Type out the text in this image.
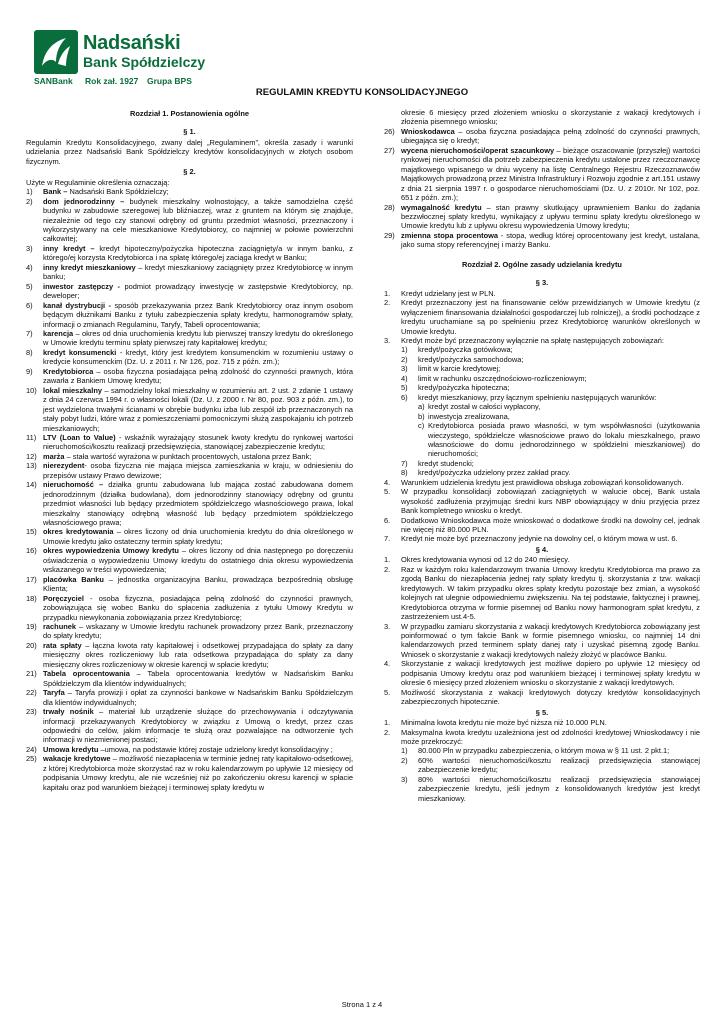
Nadsański
Bank Spółdzielczy
SANBank Rok zał. 1927 Grupa BPS
REGULAMIN KREDYTU KONSOLIDACYJNEGO
Rozdział 1. Postanowienia ogólne
§ 1.

Regulamin Kredytu Konsolidacyjnego, zwany dalej „Regulaminem”, określa zasady i warunki udzielania przez Nadsański Bank Spółdzielczy kredytów konsolidacyjnych w złotych osobom fizycznym.

§ 2.

Użyte w Regulaminie określenia oznaczają:

1)	Bank – Nadsański Bank Spółdzielczy;
2)	dom jednorodzinny – budynek mieszkalny wolnostojący, a także samodzielna część budynku w zabudowie szeregowej lub bliźniaczej, wraz z gruntem na którym się znajduje, niezależnie od tego czy stanowi odrębny od gruntu przedmiot własności, przeznaczony i wykorzystywany na cele mieszkaniowe Kredytobiorcy, co najmniej w połowie powierzchni całkowitej;
3)	inny kredyt – kredyt hipoteczny/pożyczka hipoteczna zaciągnięty/a w innym banku, z którego/ej korzysta Kredytobiorca i na spłatę którego/ej zaciąga kredyt w Banku;
4)	inny kredyt mieszkaniowy – kredyt mieszkaniowy zaciągnięty przez Kredytobiorcę w innym banku;
5)	inwestor zastępczy - podmiot prowadzący inwestycję w zastępstwie Kredytobiorcy, np. deweloper;
6)	kanał dystrybucji - sposób przekazywania przez Bank Kredytobiorcy oraz innym osobom będącym dłużnikami Banku z tytułu zabezpieczenia spłaty kredytu, harmonogramów spłaty, informacji o zmianach Regulaminu, Taryfy, Tabeli oprocentowania;
7)	karencja – okres od dnia uruchomienia kredytu lub pierwszej transzy kredytu do określonego w Umowie kredytu terminu spłaty pierwszej raty kapitałowej kredytu;
8)	kredyt konsumencki - kredyt, który jest kredytem konsumenckim w rozumieniu ustawy o kredycie konsumenckim (Dz. U. z 2011 r. Nr 126, poz. 715 z późn. zm.);
9)	Kredytobiorca – osoba fizyczna posiadająca pełną zdolność do czynności prawnych, która zawarła z Bankiem Umowę kredytu;
10) lokal mieszkalny – samodzielny lokal mieszkalny w rozumieniu art. 2 ust. 2 zdanie 1 ustawy z dnia 24 czerwca 1994 r. o własności lokali (Dz. U. z 2000 r. Nr 80, poz. 903 z późn. zm.), to jest wydzielona trwałymi ścianami w obrębie budynku izba lub zespół izb przeznaczonych na stały pobyt ludzi, które wraz z pomieszczeniami pomocniczymi służą zaspokajaniu ich potrzeb mieszkaniowych;
11) LTV (Loan to Value) - wskaźnik wyrażający stosunek kwoty kredytu do rynkowej wartości nieruchomości/kosztu realizacji przedsięwzięcia, stanowiącej zabezpieczenie kredytu;
12) marża – stała wartość wyrażona w punktach procentowych, ustalona przez Bank;
13) nierezydent- osoba fizyczna nie mająca miejsca zamieszkania w kraju, w odniesieniu do przepisów ustawy Prawo dewizowe;
14) nieruchomość – działka gruntu zabudowana lub mająca zostać zabudowana domem jednorodzinnym (działka budowlana), dom jednorodzinny stanowiący odrębny od gruntu przedmiot własności lub będący przedmiotem spółdzielczego własnościowego prawa, lokal mieszkalny stanowiący odrębną własność lub będący przedmiotem spółdzielczego własnościowego prawa;
15) okres kredytowania – okres liczony od dnia uruchomienia kredytu do dnia określonego w Umowie kredytu jako ostateczny termin spłaty kredytu;
16) okres wypowiedzenia Umowy kredytu – okres liczony od dnia następnego po doręczeniu oświadczenia o wypowiedzeniu Umowy kredytu do ostatniego dnia okresu wypowiedzenia wskazanego w treści wypowiedzenia;
17) placówka Banku – jednostka organizacyjna Banku, prowadząca bezpośrednią obsługę Klienta;
18) Poręczyciel - osoba fizyczna, posiadająca pełną zdolność do czynności prawnych, zobowiązująca się wobec Banku do spłacenia zadłużenia z tytułu Umowy Kredytu w przypadku niewykonania zobowiązania przez Kredytobiorcę;
19) rachunek – wskazany w Umowie kredytu rachunek prowadzony przez Bank, przeznaczony do spłaty kredytu;
20) rata spłaty – łączna kwota raty kapitałowej i odsetkowej przypadająca do spłaty za dany miesięczny okres rozliczeniowy lub rata odsetkowa przypadająca do spłaty za dany miesięczny okres rozliczeniowy w okresie karencji w spłacie kredytu;
21) Tabela oprocentowania – Tabela oprocentowania kredytów w Nadsańskim Banku Spółdzielczym dla klientów indywidualnych;
22) Taryfa – Taryfa prowizji i opłat za czynności bankowe w Nadsańskim Banku Spółdzielczym dla klientów indywidualnych;
23) trwały nośnik – materiał lub urządzenie służące do przechowywania i odczytywania informacji przekazywanych Kredytobiorcy w związku z Umową o kredyt, przez czas odpowiedni do celów, jakim informacje te służą oraz pozwalające na odtworzenie tych informacji w niezmienionej postaci;
24) Umowa kredytu –umowa, na podstawie której zostaje udzielony kredyt konsolidacyjny ;
25) wakacje kredytowe – możliwość niezapłacenia w terminie jednej raty kapitałowo-odsetkowej, z której Kredytobiorca może skorzystać raz w roku kalendarzowym po upływie 12 miesięcy od podpisania Umowy kredytu, ale nie wcześniej niż po zakończeniu okresu karencji w spłacie kapitału oraz pod warunkiem bieżącej i terminowej spłaty kredytu w
okresie 6 miesięcy przed złożeniem wniosku o skorzystanie z wakacji kredytowych i złożenia pisemnego wniosku;
26) Wnioskodawca – osoba fizyczna posiadająca pełną zdolność do czynności prawnych, ubiegająca się o kredyt;
27) wycena nieruchomości/operat szacunkowy – bieżące oszacowanie (przyszłej) wartości rynkowej nieruchomości dla potrzeb zabezpieczenia kredytu ustalone przez rzeczoznawcę majątkowego wpisanego w dniu wyceny na listę Centralnego Rejestru Rzeczoznawców Majątkowych prowadzoną przez Ministra Infrastruktury i Rozwoju zgodnie z art.151 ustawy z dnia 21 sierpnia 1997 r. o gospodarce nieruchomościami (Dz. U. z 2010r. Nr 102, poz. 651 z późn. zm.);
28) wymagalność kredytu – stan prawny skutkujący uprawnieniem Banku do żądania bezzwłocznej spłaty kredytu, wynikający z upływu terminu spłaty kredytu określonego w Umowie kredytu lub z upływu okresu wypowiedzenia Umowy kredytu;
29) zmienna stopa procentowa - stopa, według której oprocentowany jest kredyt, ustalana, jako suma stopy referencyjnej i marży Banku.
Rozdział 2. Ogólne zasady udzielania kredytu
§ 3.
1.	Kredyt udzielany jest w PLN.
2.	Kredyt przeznaczony jest na finansowanie celów przewidzianych w Umowie kredytu (z wyłączeniem finansowania działalności gospodarczej lub rolniczej), a środki pochodzące z kredytu uruchamiane są po spełnieniu przez Kredytobiorcę warunków określonych w Umowie kredytu.
3.	Kredyt może być przeznaczony wyłącznie na spłatę następujących zobowiązań:
1)	kredyt/pożyczka gotówkowa;
2)	kredyt/pożyczka samochodowa;
3)	limit w karcie kredytowej;
4)	limit w rachunku oszczędnościowo-rozliczeniowym;
5)	kredy/pożyczka hipoteczna;
6)	kredyt mieszkaniowy, przy łącznym spełnieniu następujących warunków:
a) kredyt został w całości wypłacony,
b) inwestycja zrealizowana,
c) Kredytobiorca posiada prawo własności, w tym współwłasności (użytkowania wieczystego, spółdzielcze własnościowe prawo do lokalu mieszkalnego, prawo własnościowe do domu jednorodzinnego w spółdzielni mieszkaniowej) do nieruchomości;
7)	kredyt studencki;
8)	kredyt/pożyczka udzielony przez zakład pracy.
4.	Warunkiem udzielenia kredytu jest prawidłowa obsługa zobowiązań konsolidowanych.
5.	W przypadku konsolidacji zobowiązań zaciągniętych w walucie obcej, Bank ustala wysokość zadłużenia przyjmując średni kurs NBP obowiązujący w dniu przyjęcia przez Bank kompletnego wniosku o kredyt.
6.	Dodatkowo Wnioskodawca może wnioskować o dodatkowe środki na dowolny cel, jednak nie więcej niż 80.000 PLN.
7.	Kredyt nie może być przeznaczony jedynie na dowolny cel, o którym mowa w ust. 6.
§ 4.
1.	Okres kredytowania wynosi od 12 do 240 miesięcy.
2.	Raz w każdym roku kalendarzowym trwania Umowy kredytu Kredytobiorca ma prawo za zgodą Banku do niezapłacenia jednej raty spłaty kredytu tj. skorzystania z tzw. wakacji kredytowych. W takim przypadku okres spłaty kredytu pozostaje bez zmian, a wysokość kolejnych rat ulegnie odpowiedniemu zwiększeniu. Na tej podstawie, faktycznej i prawnej, Kredytobiorca otrzyma w formie pisemnej od Banku nowy harmonogram spłat kredytu, z zastrzeżeniem ust.4-5.
3.	W przypadku zamiaru skorzystania z wakacji kredytowych Kredytobiorca zobowiązany jest poinformować o tym fakcie Bank w formie pisemnego wniosku, co najmniej 14 dni kalendarzowych przed terminem spłaty danej raty i uzyskać pisemną zgodę Banku. Wniosek o skorzystanie z wakacji kredytowych należy złożyć w placówce Banku.
4.	Skorzystanie z wakacji kredytowych jest możliwe dopiero po upływie 12 miesięcy od podpisania Umowy kredytu oraz pod warunkiem bieżącej i terminowej spłaty kredytu w okresie 6 miesięcy przed złożeniem wniosku o skorzystanie z wakacji kredytowych.
5.	Możliwość skorzystania z wakacji kredytowych dotyczy kredytów konsolidacyjnych zabezpieczonych hipotecznie.
§ 5.
1.	Minimalna kwota kredytu nie może być niższa niż 10.000 PLN.
2.	Maksymalna kwota kredytu uzależniona jest od zdolności kredytowej Wnioskodawcy i nie może przekroczyć:
1)	80.000 Pln w przypadku zabezpieczenia, o którym mowa w § 11 ust. 2 pkt.1;
2)	60% wartości nieruchomości/kosztu realizacji przedsięwzięcia stanowiącej zabezpieczenie kredytu;
3)	80% wartości nieruchomości/kosztu realizacji przedsięwzięcia stanowiącej zabezpieczenie kredytu, jeśli jednym z konsolidowanych kredytów jest kredyt mieszkaniowy.
Strona 1 z 4
